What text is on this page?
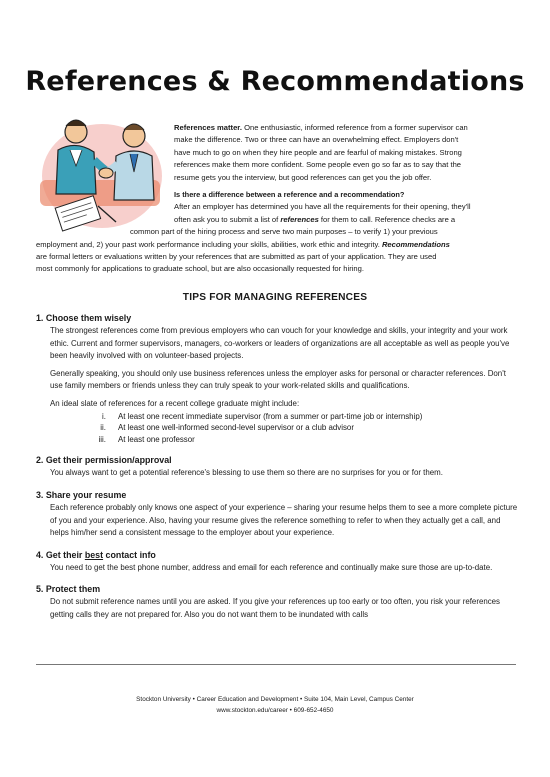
References & Recommendations

References matter. One enthusiastic, informed reference from a former supervisor can

make the difference. Two or three can have an overwhelming effect. Employers don't

have much to go on when they hire people and are fearful of making mistakes. Strong

references make them more confident. Some people even go so far as to say that the

resume gets you the interview, but good references can get you the job offer.

Is there a difference between a reference and a recommendation?

After an employer has determined you have all the requirements for their opening, they'll

often ask you to submit a list of references for them to call. Reference checks are a

common part of the hiring process and serve two main purposes – to verify 1) your previous

employment and, 2) your past work performance including your skills, abilities, work ethic and integrity. Recommendations

are formal letters or evaluations written by your references that are submitted as part of your application. They are used

most commonly for applications to graduate school, but are also occasionally requested for hiring.

TIPS FOR MANAGING REFERENCES
1. Choose them wisely

The strongest references come from previous employers who can vouch for your knowledge and skills, your integrity and your work ethic. Current and former supervisors, managers, co-workers or leaders of organizations are all acceptable as well as people you've been heavily involved with on volunteer-based projects.

Generally speaking, you should only use business references unless the employer asks for personal or character references. Don't use family members or friends unless they can truly speak to your work-related skills and qualifications.

An ideal slate of references for a recent college graduate might include:

i.	At least one recent immediate supervisor (from a summer or part-time job or internship)
ii.	At least one well-informed second-level supervisor or a club advisor
iii.	At least one professor
2. Get their permission/approval

You always want to get a potential reference's blessing to use them so there are no surprises for you or for them.

3. Share your resume

Each reference probably only knows one aspect of your experience – sharing your resume helps them to see a more complete picture of you and your experience. Also, having your resume gives the reference something to refer to when they actually get a call, and helps him/her send a consistent message to the employer about your experience.

4. Get their best contact info

You need to get the best phone number, address and email for each reference and continually make sure those are up-to-date.

5. Protect them

Do not submit reference names until you are asked. If you give your references up too early or too often, you risk your references getting calls they are not prepared for. Also you do not want them to be inundated with calls

Stockton University • Career Education and Development • Suite 104, Main Level, Campus Center
www.stockton.edu/career • 609-652-4650
